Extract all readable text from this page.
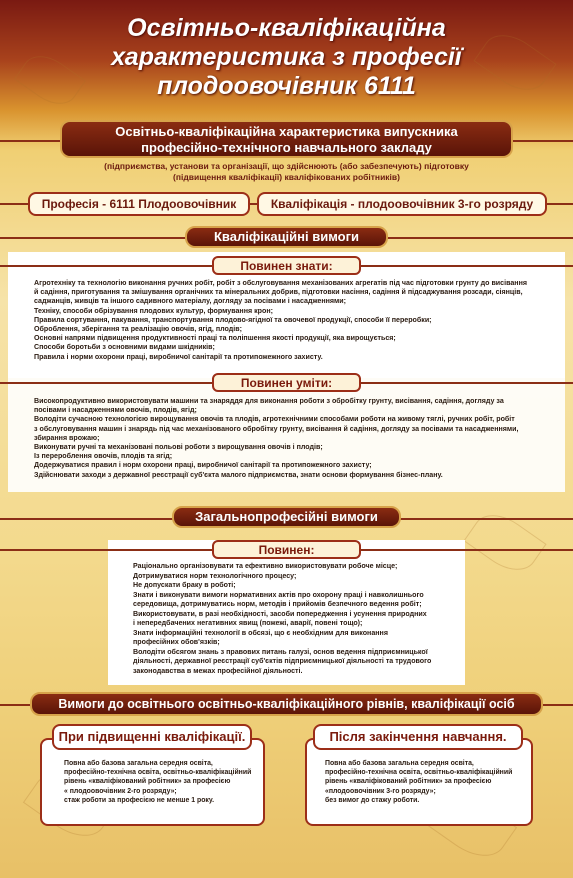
Освітньо-кваліфікаційна
характеристика з професії
плодоовочівник 6111
Освітньо-кваліфікаційна характеристика випускника
професійно-технічного навчального закладу
(підприємства, установи та організації, що здійснюють (або забезпечують) підготовку
(підвищення кваліфікації) кваліфікованих робітників)
Професія - 6111 Плодоовочівник	Кваліфікація - плодоовочівник 3-го розряду
Кваліфікаційні вимоги
Повинен знати:
Агротехніку та технологію виконання ручних робіт, робіт з обслуговування механізованих агрегатів під час підготовки грунту до висівання
й садіння, приготування та змішування органічних та мінеральних добрив, підготовки насіння, садіння й підсаджування розсади, сіянців,
саджанців, живців та іншого садивного матеріалу, догляду за посівами і насадженнями;
Техніку, способи обрізування плодових культур, формування крон;
Правила сортування, пакування, транспортування плодово-ягідної та овочевої продукції, способи її переробки;
Оброблення, зберігання та реалізацію овочів, ягід, плодів;
Основні напрями підвищення продуктивності праці та поліпшення якості продукції, яка вирощується;
Способи боротьби з основними видами шкідників;
Правила і норми охорони праці, виробничої санітарії та протипожежного захисту.
Повинен уміти:
Високопродуктивно використовувати машини та знаряддя для виконання роботи з обробітку грунту, висівання, садіння, догляду за
посівами і насадженнями овочів, плодів, ягід;
Володіти сучасною технологією вирощування овочів та плодів, агротехнічними способами роботи на живому тяглі, ручних робіт, робіт
з обслуговування машин і знарядь під час механізованого обробітку грунту, висівання й садіння, догляду за посівами та насадженнями,
збирання врожаю;
Виконувати ручні та механізовані польові роботи з вирощування овочів і плодів;
Із перероблення овочів, плодів та ягід;
Додержуватися правил і норм охорони праці, виробничої санітарії та протипожежного захисту;
Здійснювати заходи з державної реєстрації суб'єкта малого підприємства, знати основи формування бізнес-плану.
Загальнопрофесійні вимоги
Повинен:
Раціонально організовувати та ефективно використовувати робоче місце;
Дотримуватися норм технологічного процесу;
Не допускати браку в роботі;
Знати і виконувати вимоги нормативних актів про охорону праці і навколишнього
середовища, дотримуватись норм, методів і прийомів безпечного ведення робіт;
Використовувати, в разі необхідності, засоби попередження і усунення природних
і непередбачених негативних явищ (пожежі, аварії, повені тощо);
Знати інформаційні технології в обсязі, що є необхідним для виконання
професійних обов'язків;
Володіти обсягом знань з правових питань галузі, основ ведення підприємницької
діяльності, державної реєстрації суб'єктів підприємницької діяльності та трудового
законодавства в межах професійної діяльності.
Вимоги до освітнього освітньо-кваліфікаційного рівнів, кваліфікації осіб
При підвищенні кваліфікації.
Повна або базова загальна середня освіта,
професійно-технічна освіта, освітньо-кваліфікаційний
рівень «кваліфікований робітник» за професією
« плодоовочівник 2-го розряду»;
стаж роботи за професією не менше 1 року.
Після закінчення навчання.
Повна або базова загальна середня освіта,
професійно-технічна освіта, освітньо-кваліфікаційний
рівень «кваліфікований робітник» за професією
«плодоовочівник 3-го розряду»;
без вимог до стажу роботи.
